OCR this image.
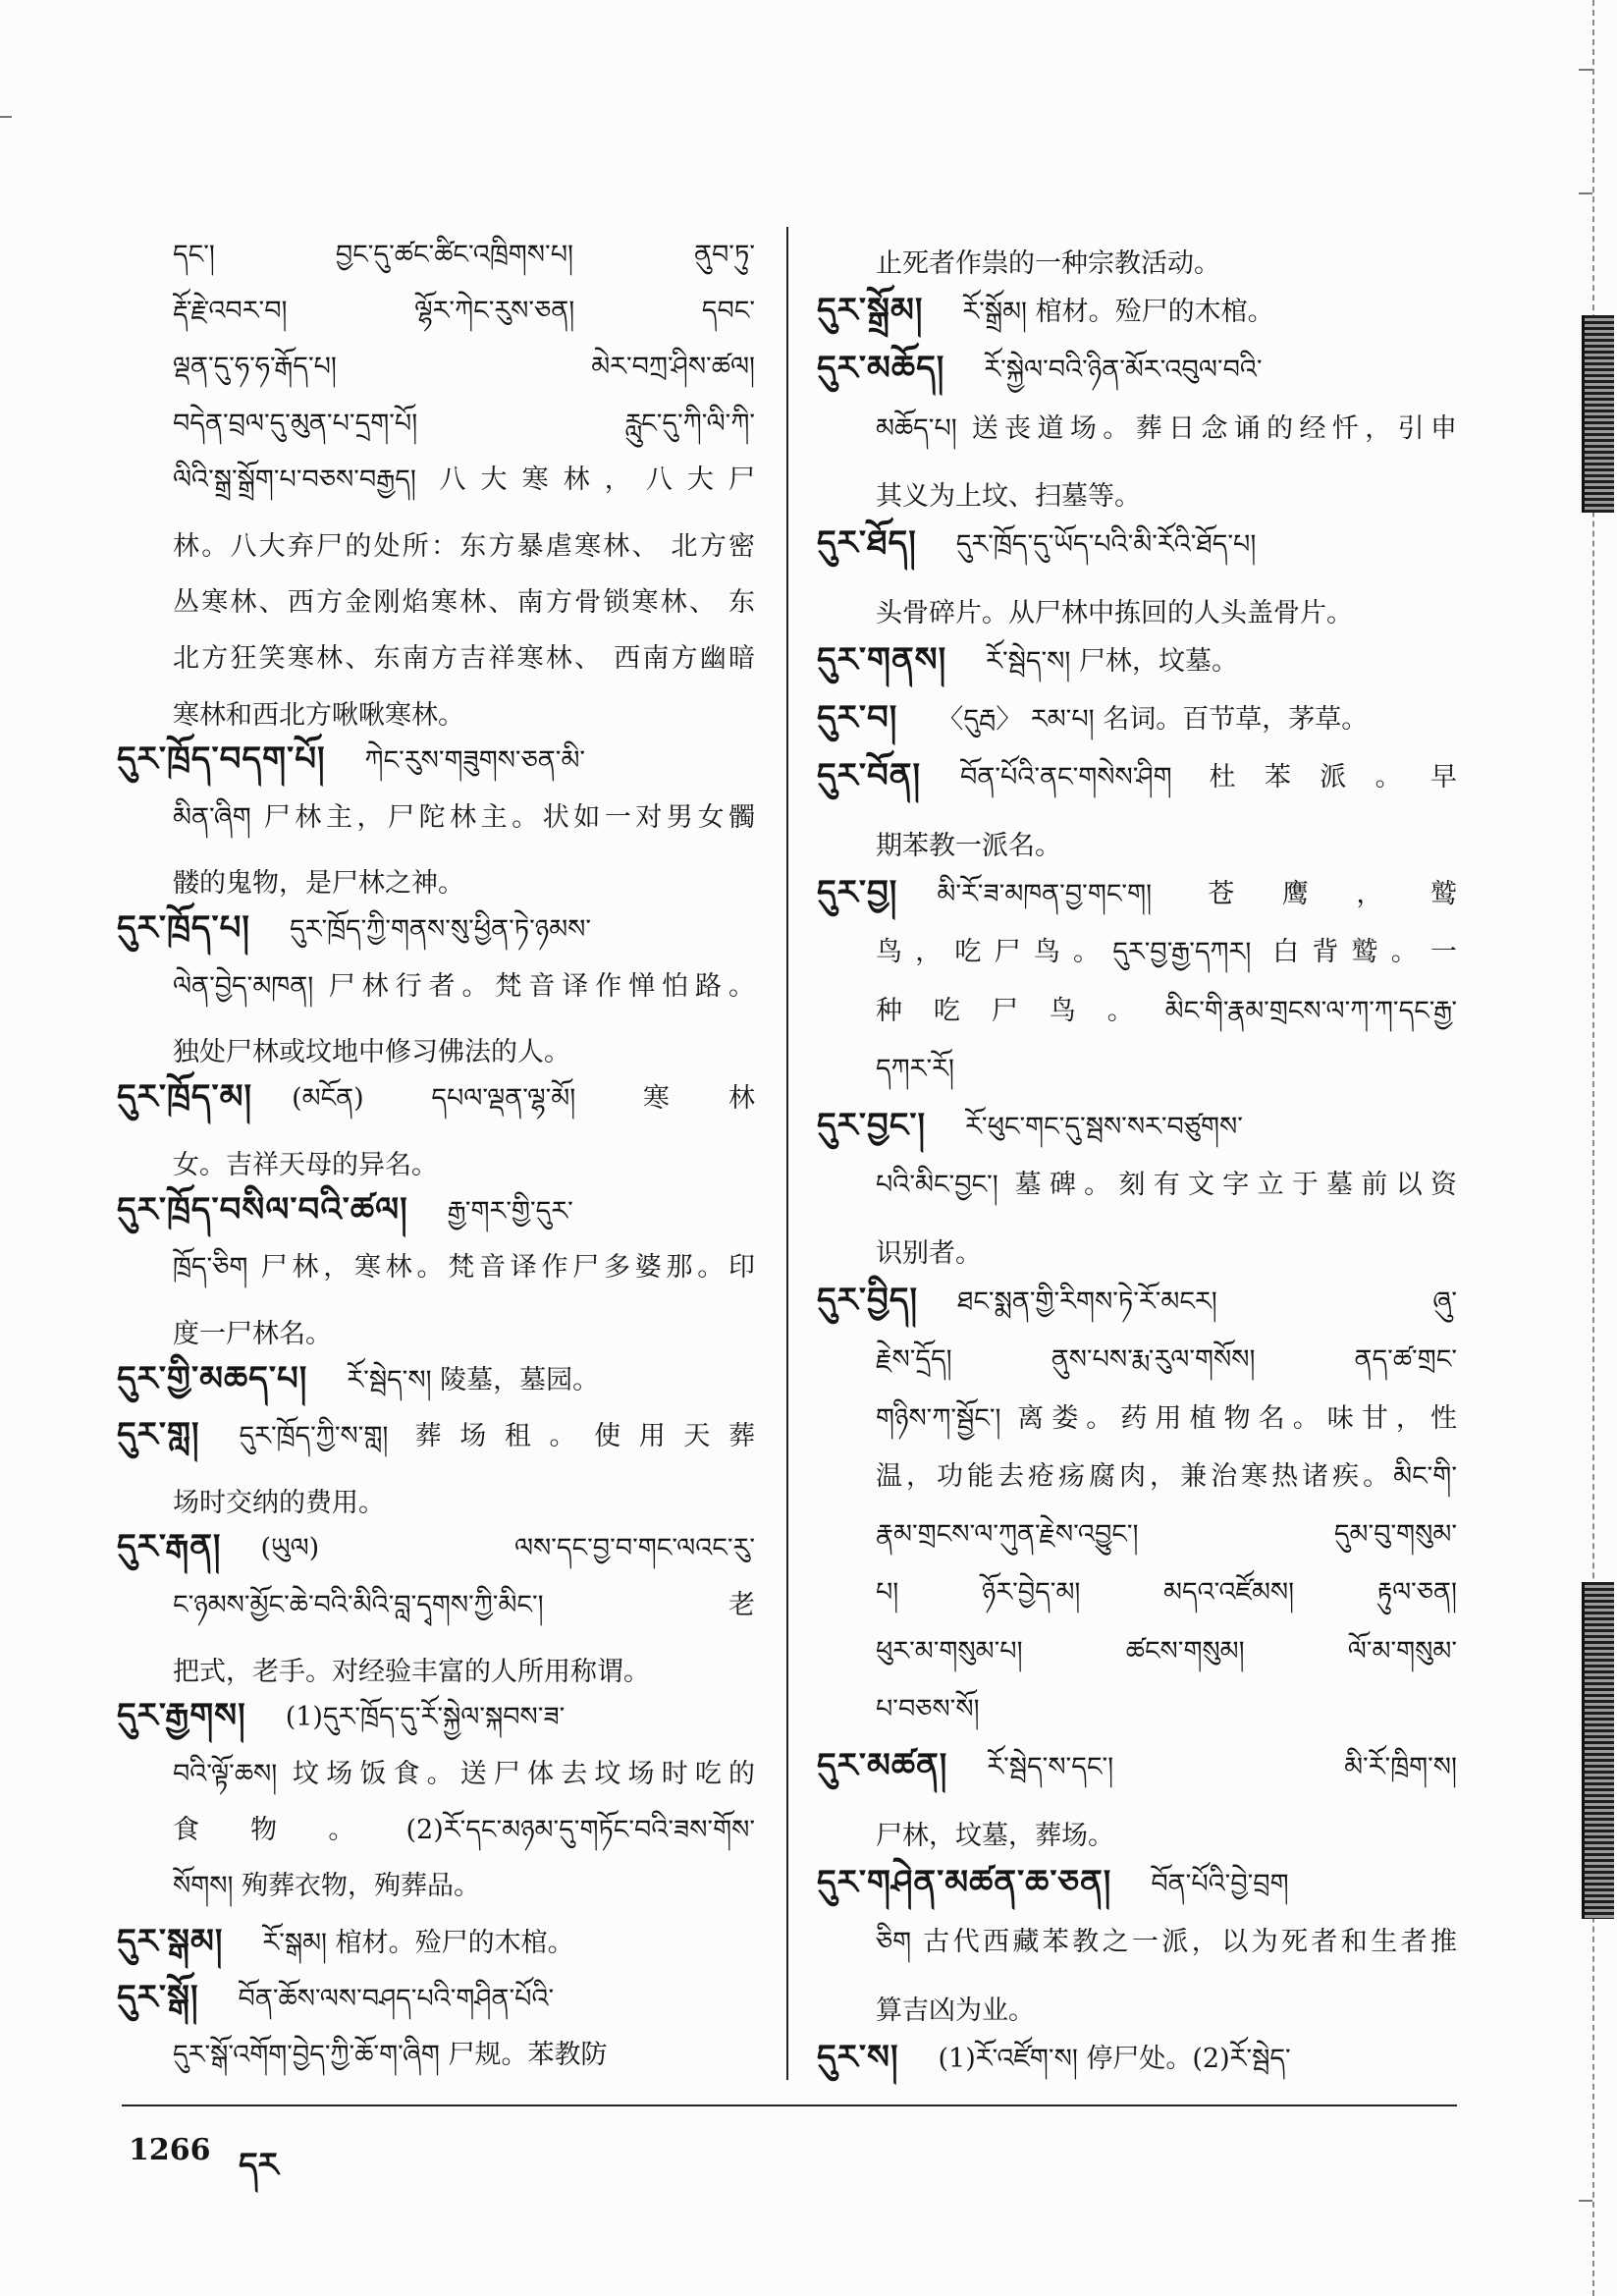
དང་། བྱང་དུ་ཚང་ཚིང་འཁྲིགས་པ། ནུབ་ཏུ་
རྡོ་རྗེ་འབར་བ། ལྷོར་ཀེང་རུས་ཅན། དབང་
ལྡན་དུ་ཧ་ཧ་རྒོད་པ། མེར་བཀྲ་ཤིས་ཚལ།
བདེན་བྲལ་དུ་མུན་པ་དྲག་པོ། རླུང་དུ་ཀི་ལི་ཀི་
ལིའི་སྒྲ་སྒྲོག་པ་བཅས་བརྒྱད། 八大寒林，八大尸
林。八大弃尸的处所：东方暴虐寒林、 北方密
丛寒林、西方金刚焰寒林、南方骨锁寒林、 东
北方狂笑寒林、东南方吉祥寒林、 西南方幽暗
寒林和西北方啾啾寒林。
དུར་ཁྲོད་བདག་པོ། ཀེང་རུས་གཟུགས་ཅན་མི་
མིན་ཞིག 尸林主，尸陀林主。状如一对男女髑
髅的鬼物，是尸林之神。
དུར་ཁྲོད་པ། དུར་ཁྲོད་ཀྱི་གནས་སུ་ཕྱིན་ཏེ་ཉམས་
ལེན་བྱེད་མཁན། 尸林行者。梵音译作惮怕路。
独处尸林或坟地中修习佛法的人。
དུར་ཁྲོད་མ། (མངོན) དཔལ་ལྡན་ལྷ་མོ། 寒林
女。吉祥天母的异名。
དུར་ཁྲོད་བསིལ་བའི་ཚལ། རྒྱ་གར་གྱི་དུར་
ཁྲོད་ཅིག 尸林，寒林。梵音译作尸多婆那。印
度一尸林名。
དུར་གྱི་མཆད་པ། རོ་སྦེད་ས། 陵墓，墓园。
དུར་གླ། དུར་ཁྲོད་ཀྱི་ས་གླ། 葬场租。使用天葬
场时交纳的费用。
དུར་རྒན། (ཡུལ) ལས་དང་བྱ་བ་གང་ལའང་རུ་
ང་ཉམས་མྱོང་ཆེ་བའི་མིའི་བླ་དྭགས་ཀྱི་མིང་། 老
把式，老手。对经验丰富的人所用称谓。
དུར་རྒྱགས། (1)དུར་ཁྲོད་དུ་རོ་སྐྱེལ་སྐབས་ཟ་
བའི་ལྟོ་ཆས། 坟场饭食。送尸体去坟场时吃的
食物。(2)རོ་དང་མཉམ་དུ་གཏོང་བའི་ཟས་གོས་
སོགས། 殉葬衣物，殉葬品。
དུར་སྒམ། རོ་སྒམ། 棺材。殓尸的木棺。
དུར་སྒོ། བོན་ཆོས་ལས་བཤད་པའི་གཤིན་པོའི་
དུར་སྒོ་འགོག་བྱེད་ཀྱི་ཆོ་ག་ཞིག 尸规。苯教防
止死者作祟的一种宗教活动。
དུར་སྒྲོམ། རོ་སྒྲོམ། 棺材。殓尸的木棺。
དུར་མཆོད། རོ་སྐྱེལ་བའི་ཉིན་མོར་འབུལ་བའི་
མཆོད་པ། 送丧道场。葬日念诵的经忏，引申
其义为上坟、扫墓等。
དུར་ཐོད། དུར་ཁྲོད་དུ་ཡོད་པའི་མི་རོའི་ཐོད་པ།
头骨碎片。从尸林中拣回的人头盖骨片。
དུར་གནས། རོ་སྦེད་ས། 尸林，坟墓。
དུར་བ། 〈དུརྦ〉 རམ་པ། 名词。百节草，茅草。
དུར་བོན། བོན་པོའི་ནང་གསེས་ཤིག 杜苯派。早
期苯教一派名。
དུར་བྱ། མི་རོ་ཟ་མཁན་བྱ་གང་ག། 苍鹰，鹫
鸟，吃尸鸟。དུར་བྱ་རྒྱ་དཀར། 白背鹫。一
种吃尸鸟。མིང་གི་རྣམ་གྲངས་ལ་ཀ་ཀ་དང་རྒྱ་
དཀར་རོ།
དུར་བྱང་། རོ་ཕུང་གང་དུ་སྦས་སར་བཙུགས་
པའི་མིང་བྱང་། 墓碑。刻有文字立于墓前以资
识别者。
དུར་བྱིད། ཐང་སྨན་གྱི་རིགས་ཏེ་རོ་མངར། ཞུ་
རྗེས་དྲོད། ནུས་པས་རྨ་རུལ་གསོས། ནད་ཚ་གྲང་
གཉིས་ཀ་སྦྱོང་། 离娄。药用植物名。味甘，性
温，功能去疮疡腐肉，兼治寒热诸疾。མིང་གི་
རྣམ་གྲངས་ལ་ཀུན་རྗེས་འབྱུང་། དུམ་བུ་གསུམ་
པ། ཉོར་བྱེད་མ། མདའ་འཛོམས། རྟུལ་ཅན།
ཕུར་མ་གསུམ་པ། ཚངས་གསུམ། ལོ་མ་གསུམ་
པ་བཅས་སོ།
དུར་མཚན། རོ་སྦེད་ས་དང་། མི་རོ་ཁྲིག་ས།
尸林，坟墓，葬场。
དུར་གཤེན་མཚན་ཆ་ཅན། བོན་པོའི་བྱེ་བྲག
ཅིག 古代西藏苯教之一派，以为死者和生者推
算吉凶为业。
དུར་ས། (1)རོ་འཛོག་ས། 停尸处。(2)རོ་སྦེད་
1266 དར
